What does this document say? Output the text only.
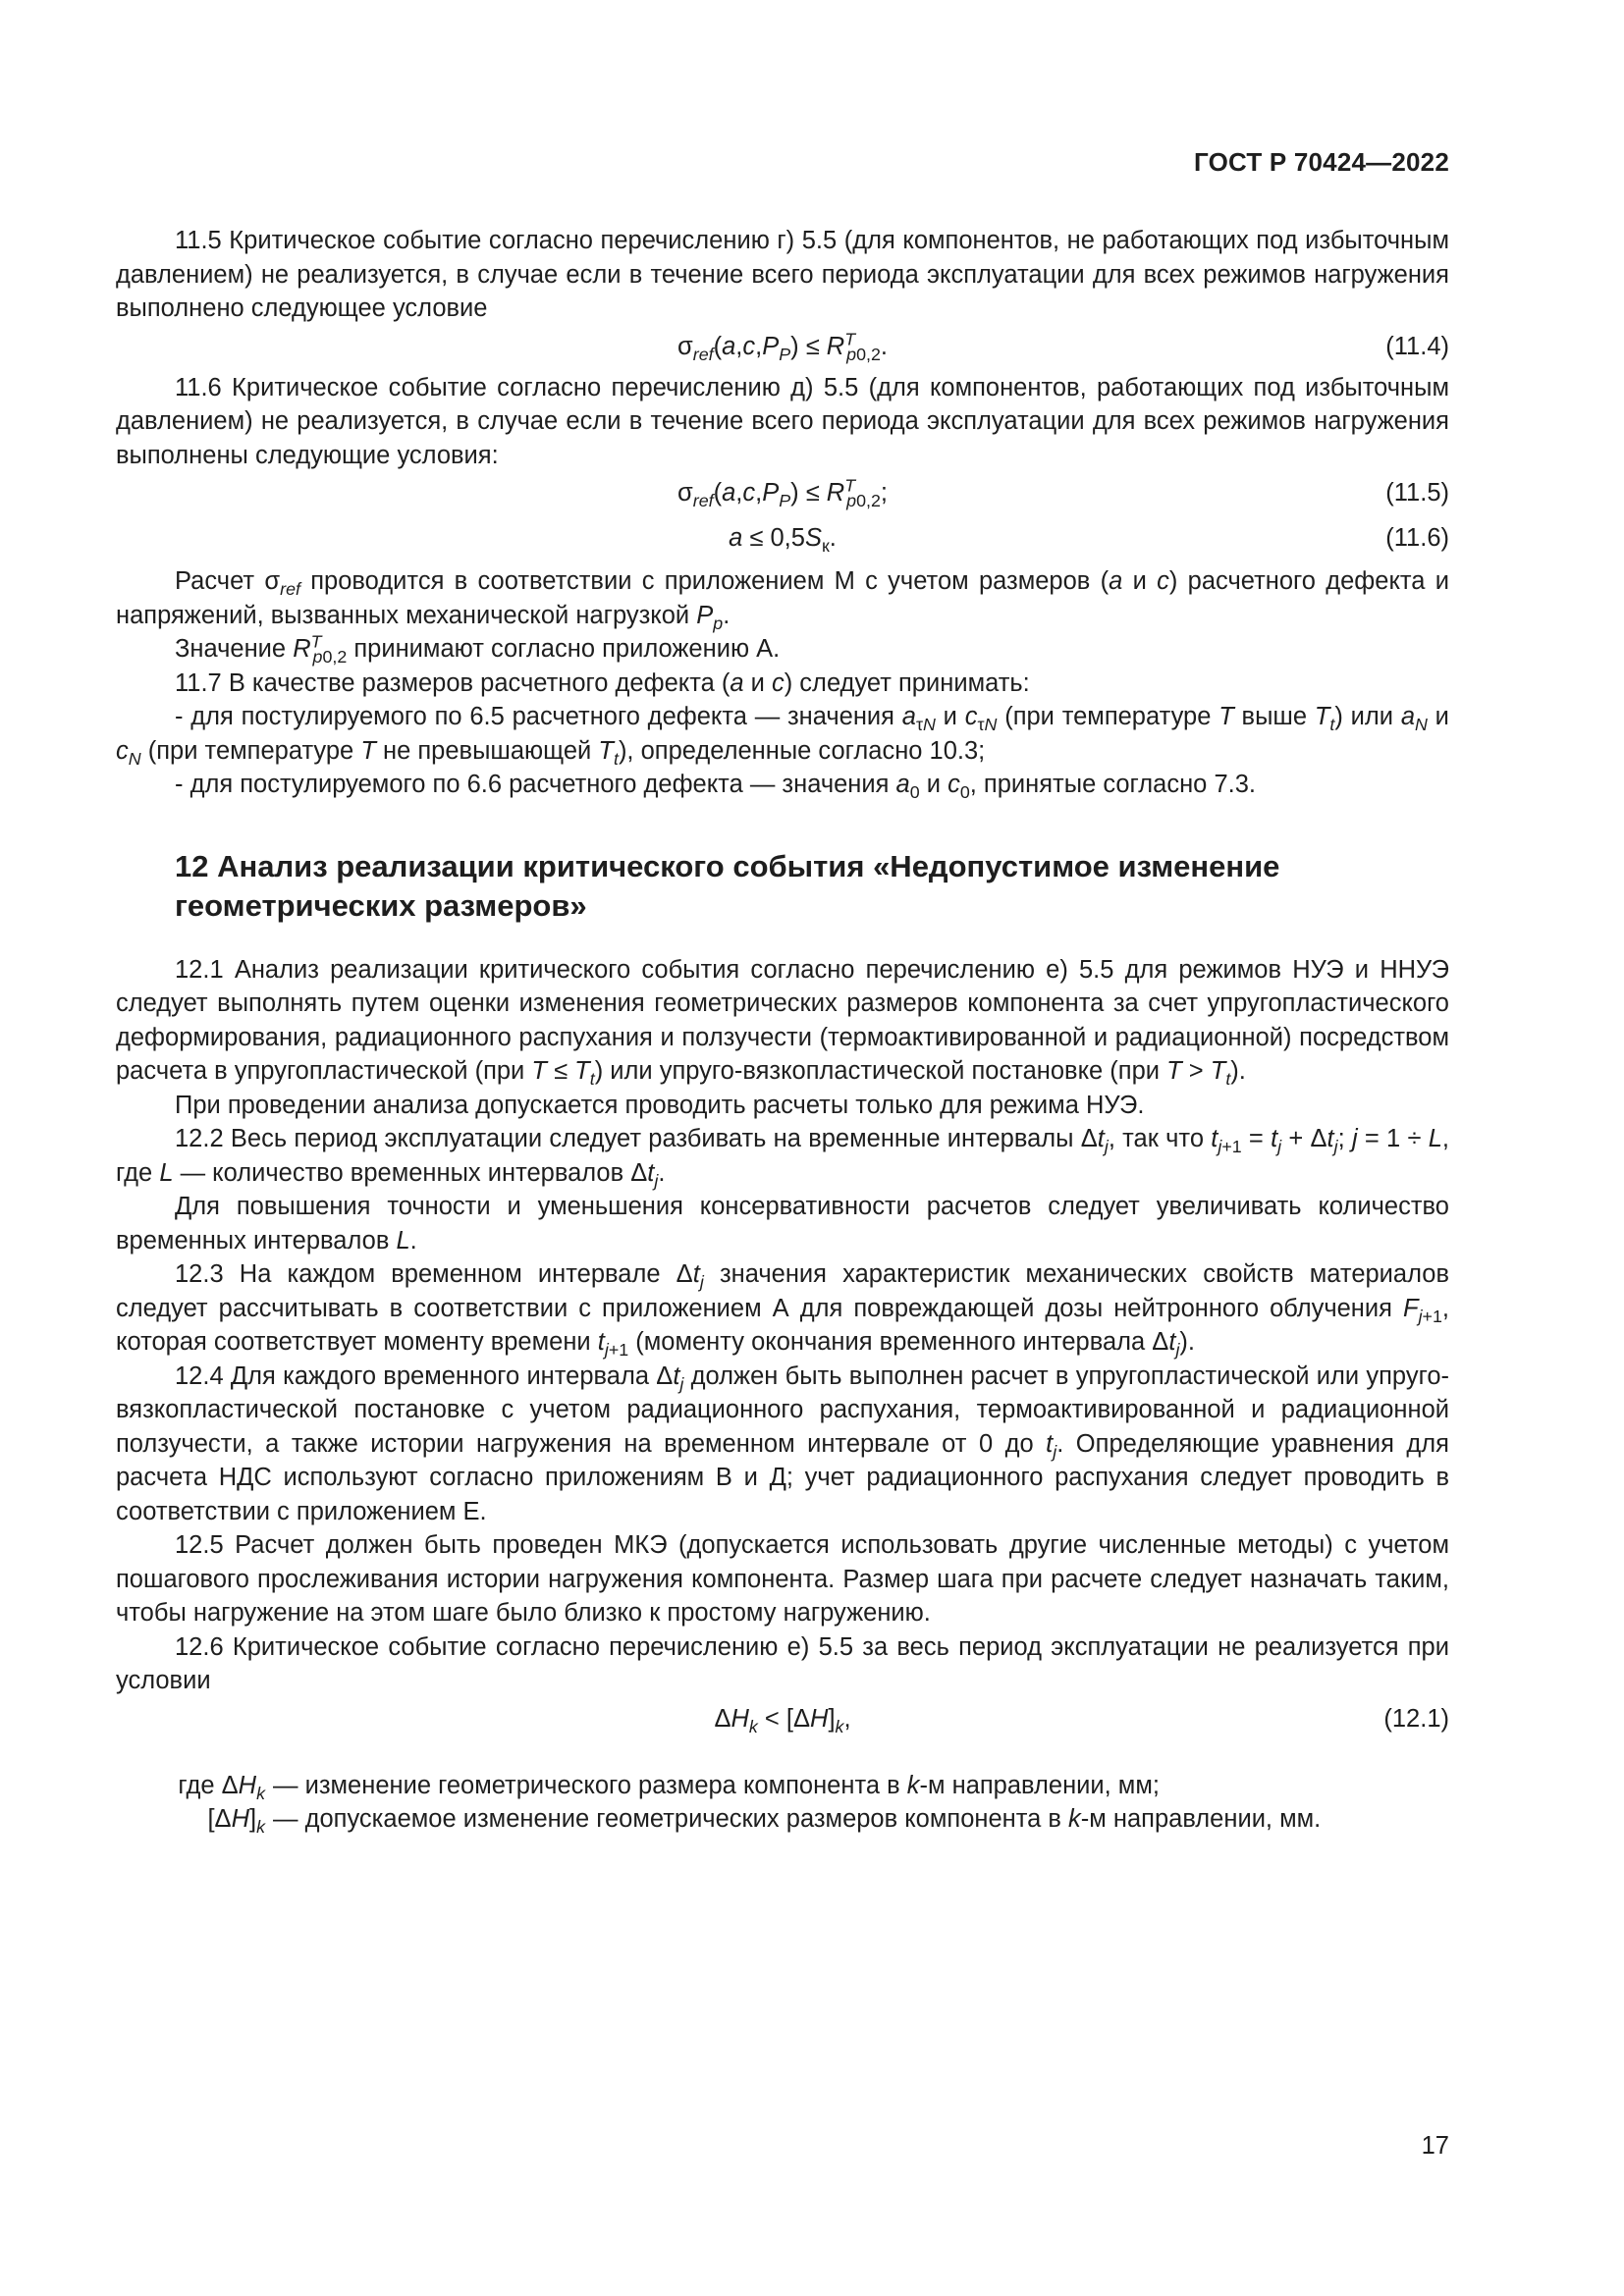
ГОСТ Р 70424—2022

11.5 Критическое событие согласно перечислению г) 5.5 (для компонентов, не работающих под избыточным давлением) не реализуется, в случае если в течение всего периода эксплуатации для всех режимов нагружения выполнено следующее условие

$\sigma_{ref}(a,c,P_P) \le R^T_{p0,2}$.	(11.4)

11.6 Критическое событие согласно перечислению д) 5.5 (для компонентов, работающих под избыточным давлением) не реализуется, в случае если в течение всего периода эксплуатации для всех режимов нагружения выполнены следующие условия:

$\sigma_{ref}(a,c,P_P) \le R^T_{p0,2}$;	(11.5)
$a \le 0,5S_к$.	(11.6)

Расчет $\sigma_{ref}$ проводится в соответствии с приложением М с учетом размеров (a и c) расчетного дефекта и напряжений, вызванных механической нагрузкой $P_p$.

Значение $R^T_{p0,2}$ принимают согласно приложению А.

11.7 В качестве размеров расчетного дефекта (a и c) следует принимать:

- для постулируемого по 6.5 расчетного дефекта — значения $a_{\tau N}$ и $c_{\tau N}$ (при температуре T выше $T_t$) или $a_N$ и $c_N$ (при температуре T не превышающей $T_t$), определенные согласно 10.3;

- для постулируемого по 6.6 расчетного дефекта — значения $a_0$ и $c_0$, принятые согласно 7.3.

12 Анализ реализации критического события «Недопустимое изменение геометрических размеров»

12.1 Анализ реализации критического события согласно перечислению е) 5.5 для режимов НУЭ и ННУЭ следует выполнять путем оценки изменения геометрических размеров компонента за счет упругопластического деформирования, радиационного распухания и ползучести (термоактивированной и радиационной) посредством расчета в упругопластической (при $T \le T_t$) или упруго-вязкопластической постановке (при $T > T_t$).

При проведении анализа допускается проводить расчеты только для режима НУЭ.

12.2 Весь период эксплуатации следует разбивать на временные интервалы $\Delta t_j$, так что $t_{j+1} = t_j + \Delta t_j$; j = 1 ÷ L, где L — количество временных интервалов $\Delta t_j$.

Для повышения точности и уменьшения консервативности расчетов следует увеличивать количество временных интервалов L.

12.3 На каждом временном интервале $\Delta t_j$ значения характеристик механических свойств материалов следует рассчитывать в соответствии с приложением А для повреждающей дозы нейтронного облучения $F_{j+1}$, которая соответствует моменту времени $t_{j+1}$ (моменту окончания временного интервала $\Delta t_j$).

12.4 Для каждого временного интервала $\Delta t_j$ должен быть выполнен расчет в упругопластической или упруго-вязкопластической постановке с учетом радиационного распухания, термоактивированной и радиационной ползучести, а также истории нагружения на временном интервале от 0 до $t_j$. Определяющие уравнения для расчета НДС используют согласно приложениям В и Д; учет радиационного распухания следует проводить в соответствии с приложением Е.

12.5 Расчет должен быть проведен МКЭ (допускается использовать другие численные методы) с учетом пошагового прослеживания истории нагружения компонента. Размер шага при расчете следует назначать таким, чтобы нагружение на этом шаге было близко к простому нагружению.

12.6 Критическое событие согласно перечислению е) 5.5 за весь период эксплуатации не реализуется при условии

$\Delta H_k < [\Delta H]_k$,	(12.1)
где $\Delta H_k$ — изменение геометрического размера компонента в k-м направлении, мм;
$[\Delta H]_k$ — допускаемое изменение геометрических размеров компонента в k-м направлении, мм.
17
